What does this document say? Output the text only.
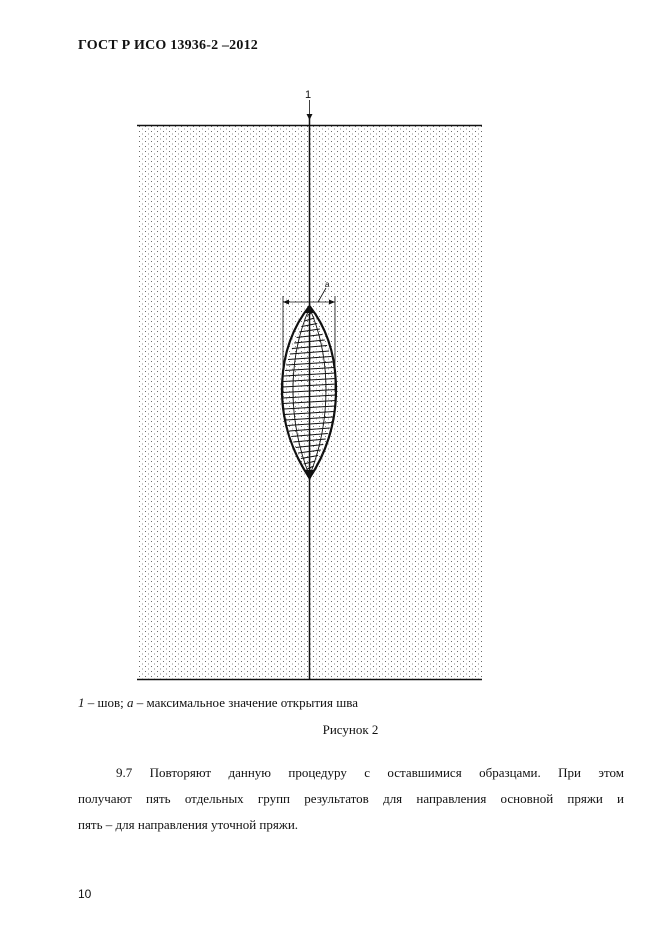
ГОСТ Р ИСО 13936-2 –2012
1
a
1 – шов; а – максимальное значение открытия шва
Рисунок 2
9.7 Повторяют данную процедуру с оставшимися образцами. При этом
получают пять отдельных групп результатов для направления основной пряжи и
пять – для направления уточной пряжи.
10
